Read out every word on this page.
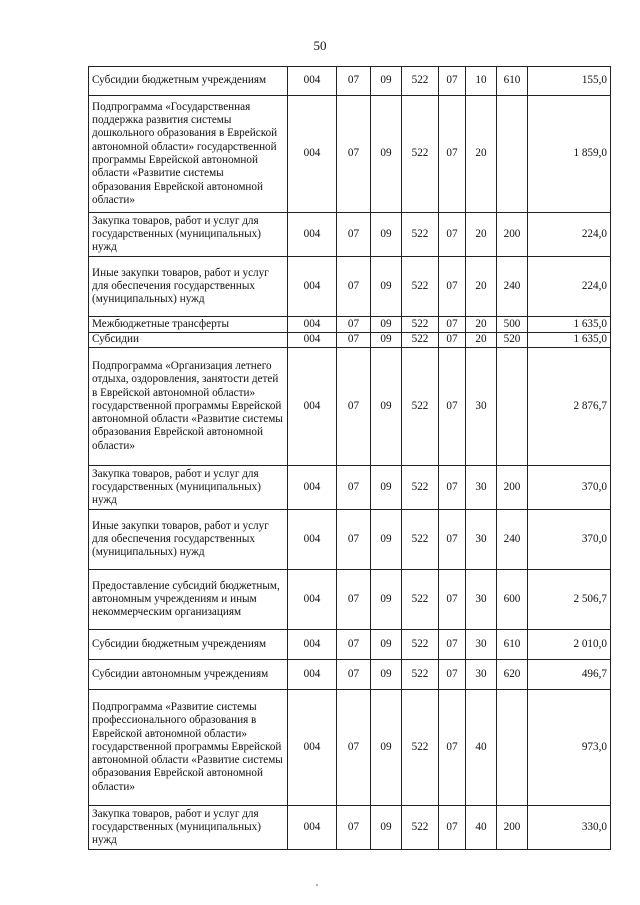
50
Субсидии бюджетным учреждениям	004	07	09	522	07	10	610	155,0
Подпрограмма «Государственная поддержка развития системы дошкольного образования в Еврейской автономной области» государственной программы Еврейской автономной области «Развитие системы образования Еврейской автономной области»	004	07	09	522	07	20		1 859,0
Закупка товаров, работ и услуг для государственных (муниципальных) нужд	004	07	09	522	07	20	200	224,0
Иные закупки товаров, работ и услуг для обеспечения государственных (муниципальных) нужд	004	07	09	522	07	20	240	224,0
Межбюджетные трансферты	004	07	09	522	07	20	500	1 635,0
Субсидии	004	07	09	522	07	20	520	1 635,0
Подпрограмма «Организация летнего отдыха, оздоровления, занятости детей в Еврейской автономной области» государственной программы Еврейской автономной области «Развитие системы образования Еврейской автономной области»	004	07	09	522	07	30		2 876,7
Закупка товаров, работ и услуг для государственных (муниципальных) нужд	004	07	09	522	07	30	200	370,0
Иные закупки товаров, работ и услуг для обеспечения государственных (муниципальных) нужд	004	07	09	522	07	30	240	370,0
Предоставление субсидий бюджетным, автономным учреждениям и иным некоммерческим организациям	004	07	09	522	07	30	600	2 506,7
Субсидии бюджетным учреждениям	004	07	09	522	07	30	610	2 010,0
Субсидии автономным учреждениям	004	07	09	522	07	30	620	496,7
Подпрограмма «Развитие системы профессионального образования в Еврейской автономной области» государственной программы Еврейской автономной области «Развитие системы образования Еврейской автономной области»	004	07	09	522	07	40		973,0
Закупка товаров, работ и услуг для государственных (муниципальных) нужд	004	07	09	522	07	40	200	330,0
